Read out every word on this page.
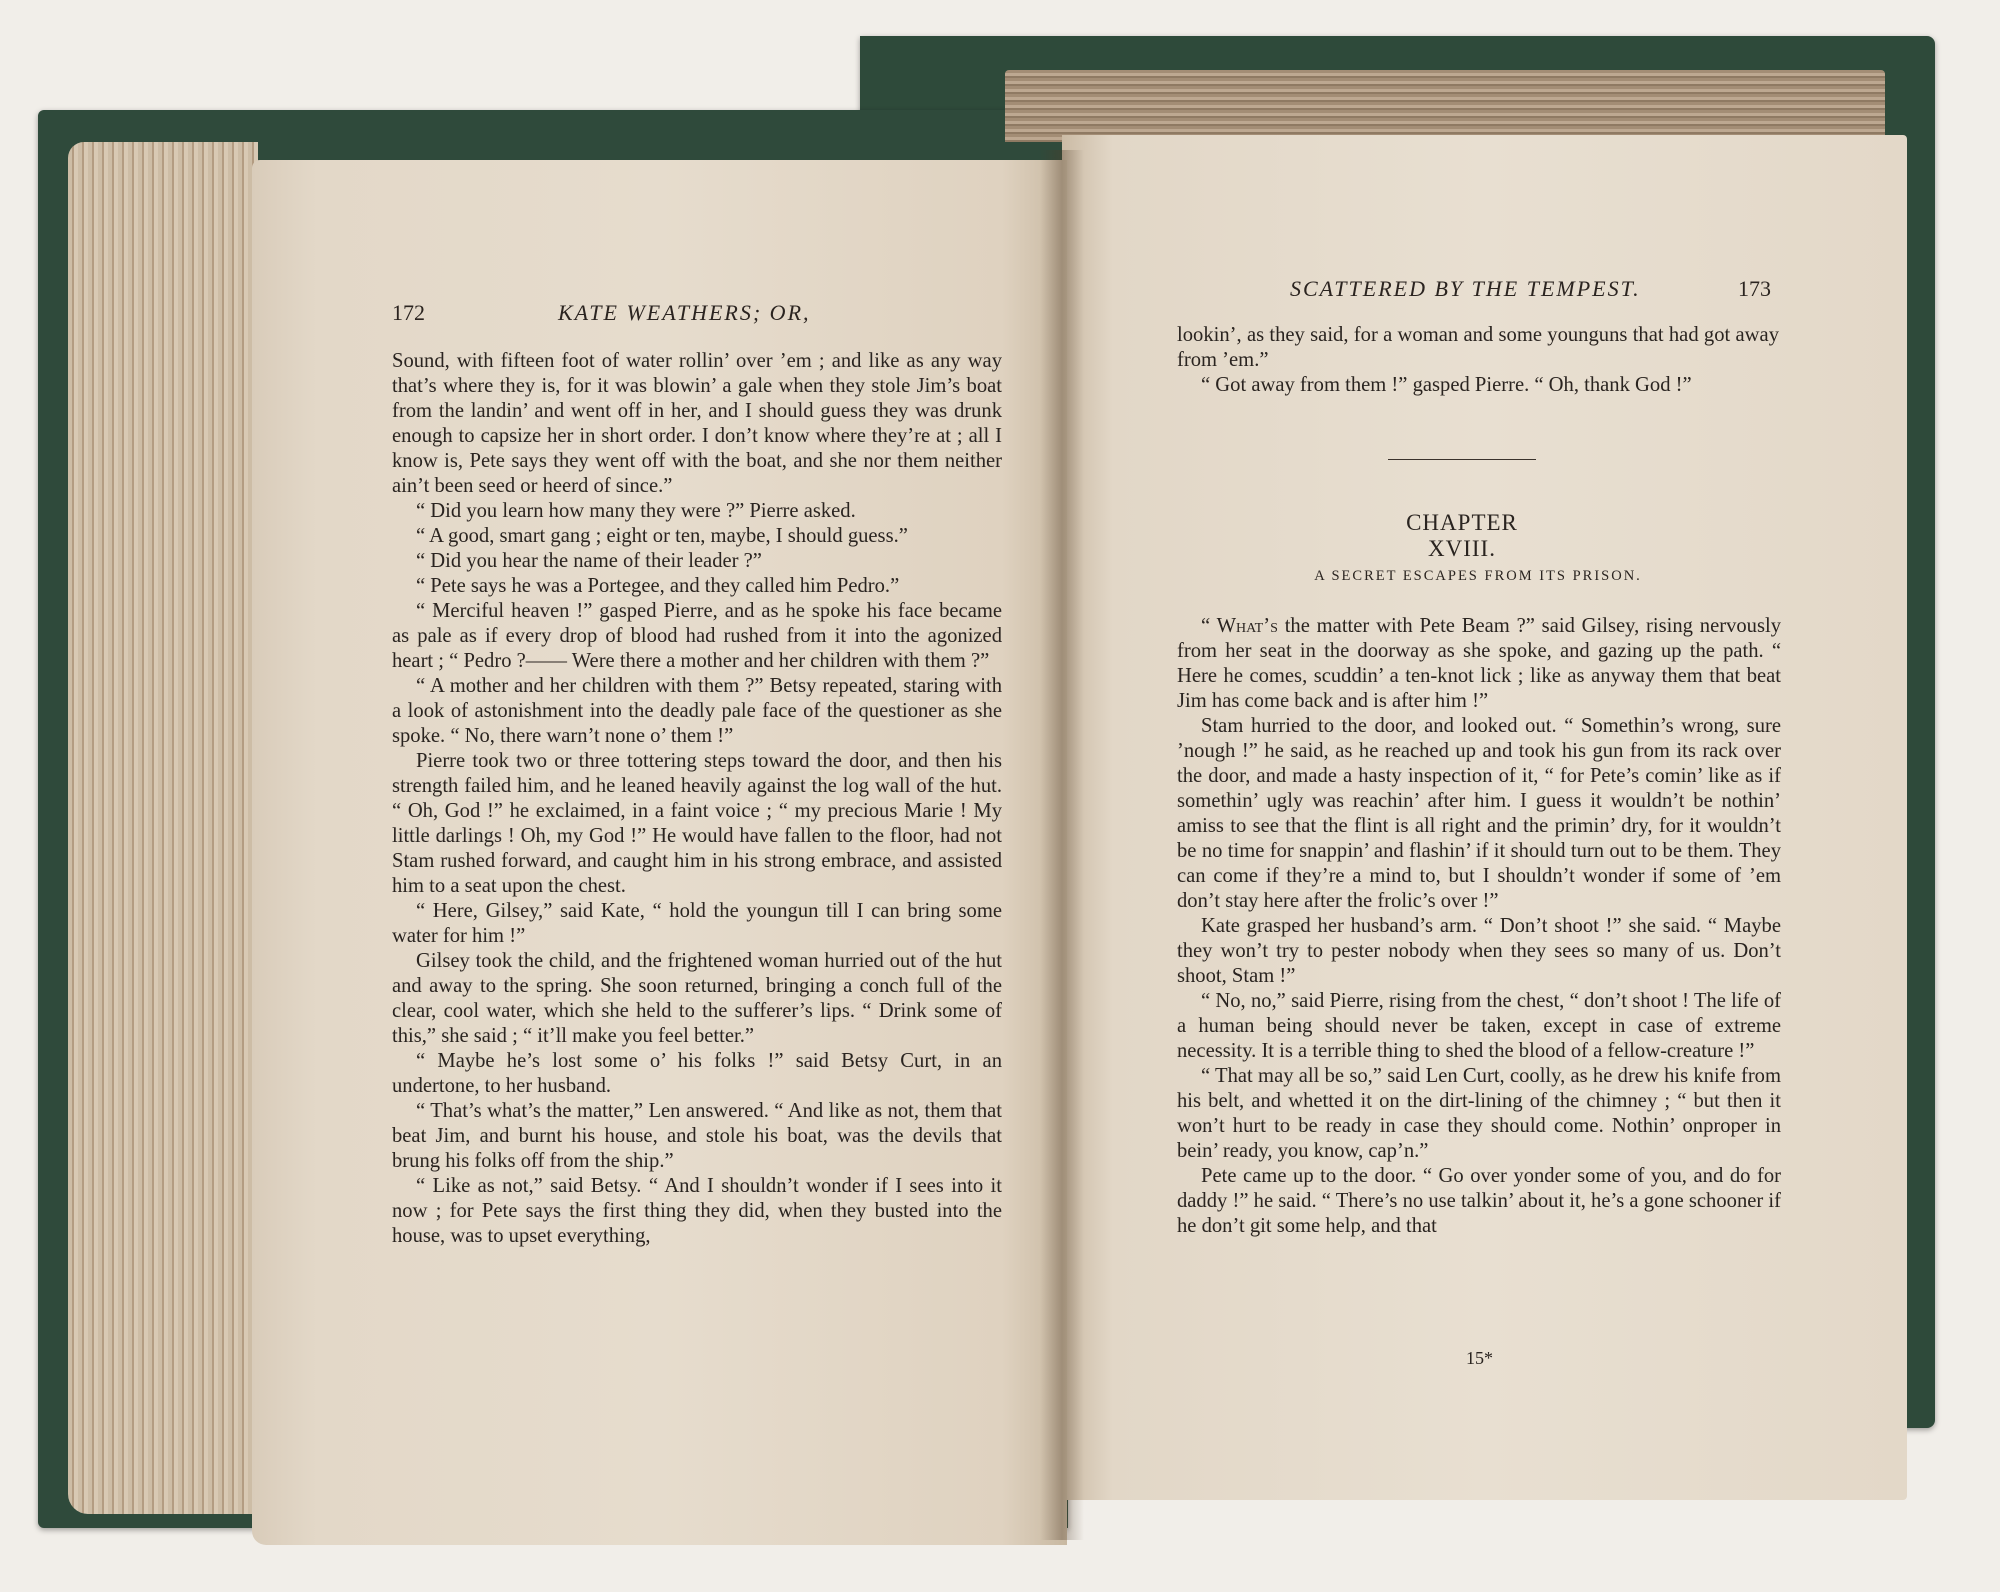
172	KATE WEATHERS; OR,

Sound, with fifteen foot of water rollin’ over ’em ; and like as any way that’s where they is, for it was blowin’ a gale when they stole Jim’s boat from the landin’ and went off in her, and I should guess they was drunk enough to capsize her in short order. I don’t know where they’re at ; all I know is, Pete says they went off with the boat, and she nor them neither ain’t been seed or heerd of since.”

“ Did you learn how many they were ?” Pierre asked.

“ A good, smart gang ; eight or ten, maybe, I should guess.”

“ Did you hear the name of their leader ?”

“ Pete says he was a Portegee, and they called him Pedro.”

“ Merciful heaven !” gasped Pierre, and as he spoke his face became as pale as if every drop of blood had rushed from it into the agonized heart ; “ Pedro ?—— Were there a mother and her children with them ?”

“ A mother and her children with them ?” Betsy repeated, staring with a look of astonishment into the deadly pale face of the questioner as she spoke. “ No, there warn’t none o’ them !”

Pierre took two or three tottering steps toward the door, and then his strength failed him, and he leaned heavily against the log wall of the hut. “ Oh, God !” he exclaimed, in a faint voice ; “ my precious Marie ! My little darlings ! Oh, my God !” He would have fallen to the floor, had not Stam rushed forward, and caught him in his strong embrace, and assisted him to a seat upon the chest.

“ Here, Gilsey,” said Kate, “ hold the youngun till I can bring some water for him !”

Gilsey took the child, and the frightened woman hurried out of the hut and away to the spring. She soon returned, bringing a conch full of the clear, cool water, which she held to the sufferer’s lips. “ Drink some of this,” she said ; “ it’ll make you feel better.”

“ Maybe he’s lost some o’ his folks !” said Betsy Curt, in an undertone, to her husband.

“ That’s what’s the matter,” Len answered. “ And like as not, them that beat Jim, and burnt his house, and stole his boat, was the devils that brung his folks off from the ship.”

“ Like as not,” said Betsy. “ And I shouldn’t wonder if I sees into it now ; for Pete says the first thing they did, when they busted into the house, was to upset everything,

SCATTERED BY THE TEMPEST.	173

lookin’, as they said, for a woman and some younguns that had got away from ’em.”

“ Got away from them !” gasped Pierre. “ Oh, thank God !”

CHAPTER XVIII.
A SECRET ESCAPES FROM ITS PRISON.

“ What’s the matter with Pete Beam ?” said Gilsey, rising nervously from her seat in the doorway as she spoke, and gazing up the path. “ Here he comes, scuddin’ a ten-knot lick ; like as anyway them that beat Jim has come back and is after him !”

Stam hurried to the door, and looked out. “ Somethin’s wrong, sure ’nough !” he said, as he reached up and took his gun from its rack over the door, and made a hasty inspection of it, “ for Pete’s comin’ like as if somethin’ ugly was reachin’ after him. I guess it wouldn’t be nothin’ amiss to see that the flint is all right and the primin’ dry, for it wouldn’t be no time for snappin’ and flashin’ if it should turn out to be them. They can come if they’re a mind to, but I shouldn’t wonder if some of ’em don’t stay here after the frolic’s over !”

Kate grasped her husband’s arm. “ Don’t shoot !” she said. “ Maybe they won’t try to pester nobody when they sees so many of us. Don’t shoot, Stam !”

“ No, no,” said Pierre, rising from the chest, “ don’t shoot ! The life of a human being should never be taken, except in case of extreme necessity. It is a terrible thing to shed the blood of a fellow-creature !”

“ That may all be so,” said Len Curt, coolly, as he drew his knife from his belt, and whetted it on the dirt-lining of the chimney ; “ but then it won’t hurt to be ready in case they should come. Nothin’ onproper in bein’ ready, you know, cap’n.”

Pete came up to the door. “ Go over yonder some of you, and do for daddy !” he said. “ There’s no use talkin’ about it, he’s a gone schooner if he don’t git some help, and that

15*
